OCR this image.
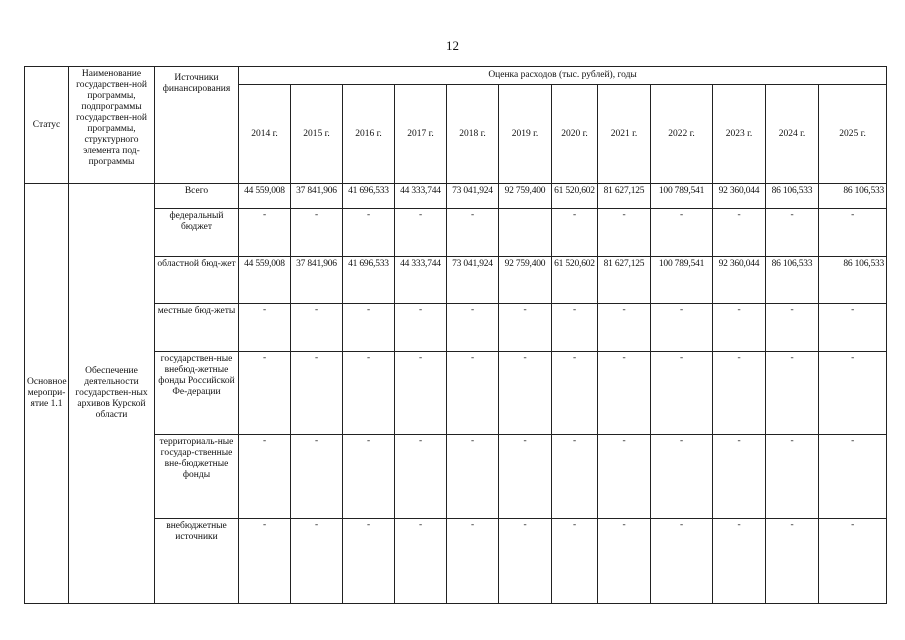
12
Статус	Наименование государствен-ной программы, подпрограммы государствен-ной программы, структурного элемента под-программы	Источники финансирования	Оценка расходов (тыс. рублей), годы											
			2014 г.	2015 г.	2016 г.	2017 г.	2018 г.	2019 г.	2020 г.	2021 г.	2022 г.	2023 г.	2024 г.	2025 г.
Основное меропри-ятие 1.1	Обеспечение деятельности государствен-ных архивов Курской области	Всего	44 559,008	37 841,906	41 696,533	44 333,744	73 041,924	92 759,400	61 520,602	81 627,125	100 789,541	92 360,044	86 106,533	86 106,533
		федеральный бюджет	-	-	-	-	-		-	-	-	-	-	-
		областной бюд-жет	44 559,008	37 841,906	41 696,533	44 333,744	73 041,924	92 759,400	61 520,602	81 627,125	100 789,541	92 360,044	86 106,533	86 106,533
		местные бюд-жеты	-	-	-	-	-	-	-	-	-	-	-	-
		государствен-ные внебюд-жетные фонды Российской Фе-дерации	-	-	-	-	-	-	-	-	-	-	-	-
		территориаль-ные государ-ственные вне-бюджетные фонды	-	-	-	-	-	-	-	-	-	-	-	-
		внебюджетные источники	-	-	-	-	-	-	-	-	-	-	-	-
